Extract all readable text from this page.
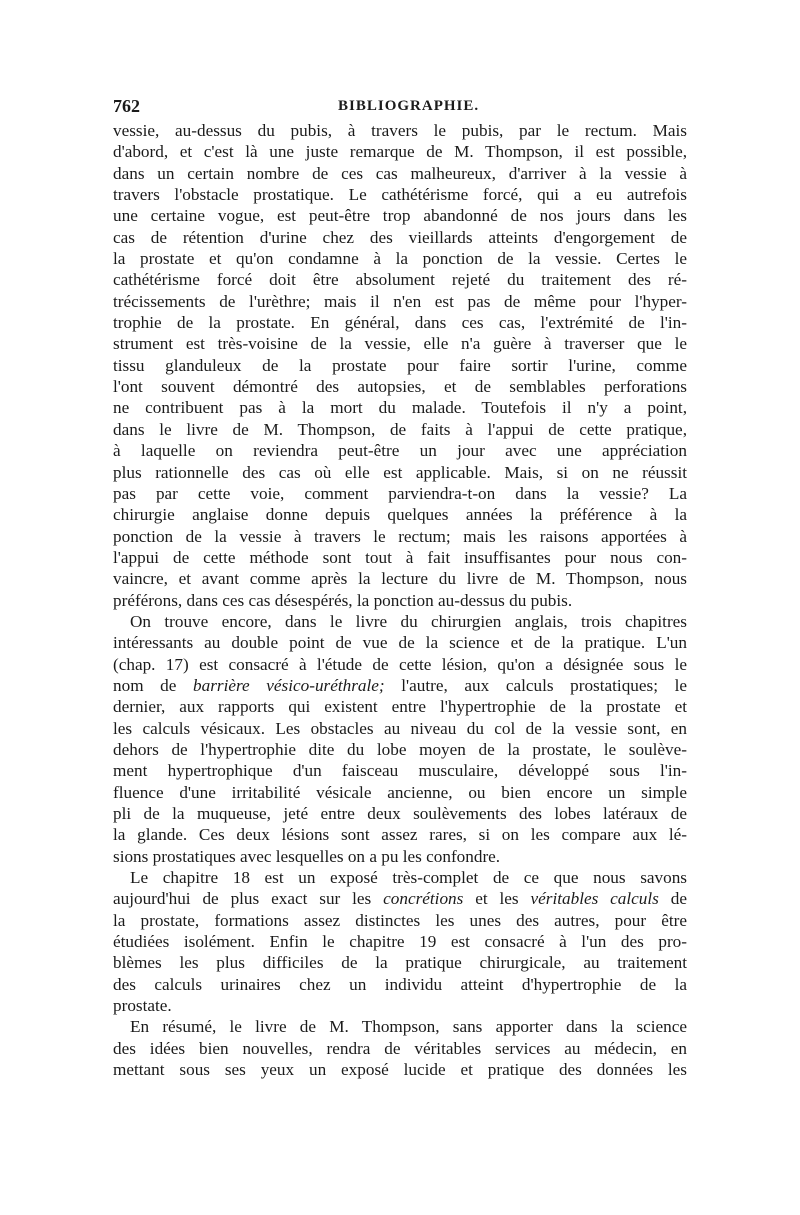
762	BIBLIOGRAPHIE.
vessie, au-dessus du pubis, à travers le pubis, par le rectum. Mais
d'abord, et c'est là une juste remarque de M. Thompson, il est possible,
dans un certain nombre de ces cas malheureux, d'arriver à la vessie à
travers l'obstacle prostatique. Le cathétérisme forcé, qui a eu autrefois
une certaine vogue, est peut-être trop abandonné de nos jours dans les
cas de rétention d'urine chez des vieillards atteints d'engorgement de
la prostate et qu'on condamne à la ponction de la vessie. Certes le
cathétérisme forcé doit être absolument rejeté du traitement des ré-
trécissements de l'urèthre; mais il n'en est pas de même pour l'hyper-
trophie de la prostate. En général, dans ces cas, l'extrémité de l'in-
strument est très-voisine de la vessie, elle n'a guère à traverser que le
tissu glanduleux de la prostate pour faire sortir l'urine, comme
l'ont souvent démontré des autopsies, et de semblables perforations
ne contribuent pas à la mort du malade. Toutefois il n'y a point,
dans le livre de M. Thompson, de faits à l'appui de cette pratique,
à laquelle on reviendra peut-être un jour avec une appréciation
plus rationnelle des cas où elle est applicable. Mais, si on ne réussit
pas par cette voie, comment parviendra-t-on dans la vessie? La
chirurgie anglaise donne depuis quelques années la préférence à la
ponction de la vessie à travers le rectum; mais les raisons apportées à
l'appui de cette méthode sont tout à fait insuffisantes pour nous con-
vaincre, et avant comme après la lecture du livre de M. Thompson, nous
préférons, dans ces cas désespérés, la ponction au-dessus du pubis.
On trouve encore, dans le livre du chirurgien anglais, trois chapitres
intéressants au double point de vue de la science et de la pratique. L'un
(chap. 17) est consacré à l'étude de cette lésion, qu'on a désignée sous le
nom de barrière vésico-uréthrale; l'autre, aux calculs prostatiques; le
dernier, aux rapports qui existent entre l'hypertrophie de la prostate et
les calculs vésicaux. Les obstacles au niveau du col de la vessie sont, en
dehors de l'hypertrophie dite du lobe moyen de la prostate, le soulève-
ment hypertrophique d'un faisceau musculaire, développé sous l'in-
fluence d'une irritabilité vésicale ancienne, ou bien encore un simple
pli de la muqueuse, jeté entre deux soulèvements des lobes latéraux de
la glande. Ces deux lésions sont assez rares, si on les compare aux lé-
sions prostatiques avec lesquelles on a pu les confondre.
Le chapitre 18 est un exposé très-complet de ce que nous savons
aujourd'hui de plus exact sur les concrétions et les véritables calculs de
la prostate, formations assez distinctes les unes des autres, pour être
étudiées isolément. Enfin le chapitre 19 est consacré à l'un des pro-
blèmes les plus difficiles de la pratique chirurgicale, au traitement
des calculs urinaires chez un individu atteint d'hypertrophie de la
prostate.
En résumé, le livre de M. Thompson, sans apporter dans la science
des idées bien nouvelles, rendra de véritables services au médecin, en
mettant sous ses yeux un exposé lucide et pratique des données les
